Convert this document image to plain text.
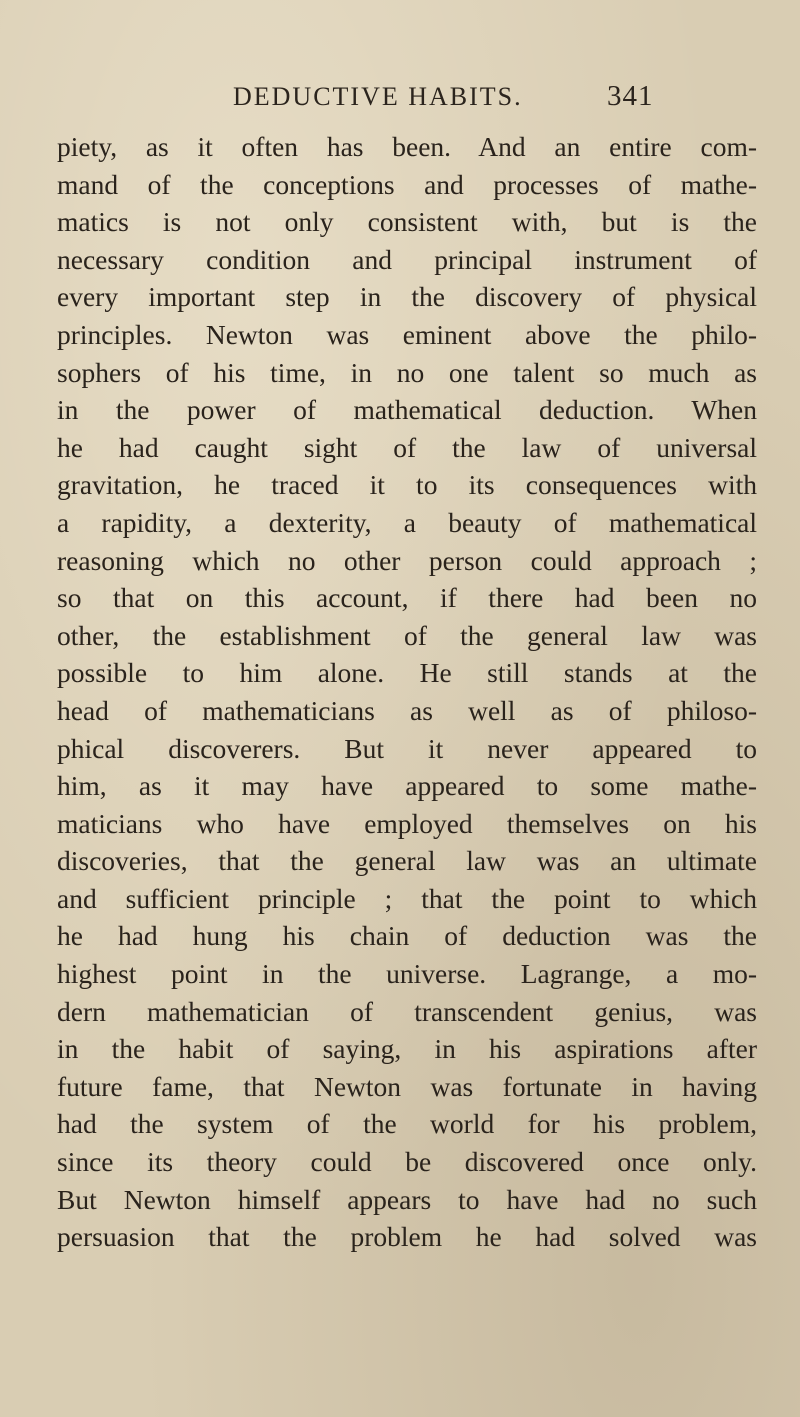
DEDUCTIVE HABITS.	341
piety, as it often has been. And an entire com-
mand of the conceptions and processes of mathe-
matics is not only consistent with, but is the
necessary condition and principal instrument of
every important step in the discovery of physical
principles. Newton was eminent above the philo-
sophers of his time, in no one talent so much as
in the power of mathematical deduction. When
he had caught sight of the law of universal
gravitation, he traced it to its consequences with
a rapidity, a dexterity, a beauty of mathematical
reasoning which no other person could approach ;
so that on this account, if there had been no
other, the establishment of the general law was
possible to him alone. He still stands at the
head of mathematicians as well as of philoso-
phical discoverers. But it never appeared to
him, as it may have appeared to some mathe-
maticians who have employed themselves on his
discoveries, that the general law was an ultimate
and sufficient principle ; that the point to which
he had hung his chain of deduction was the
highest point in the universe. Lagrange, a mo-
dern mathematician of transcendent genius, was
in the habit of saying, in his aspirations after
future fame, that Newton was fortunate in having
had the system of the world for his problem,
since its theory could be discovered once only.
But Newton himself appears to have had no such
persuasion that the problem he had solved was
